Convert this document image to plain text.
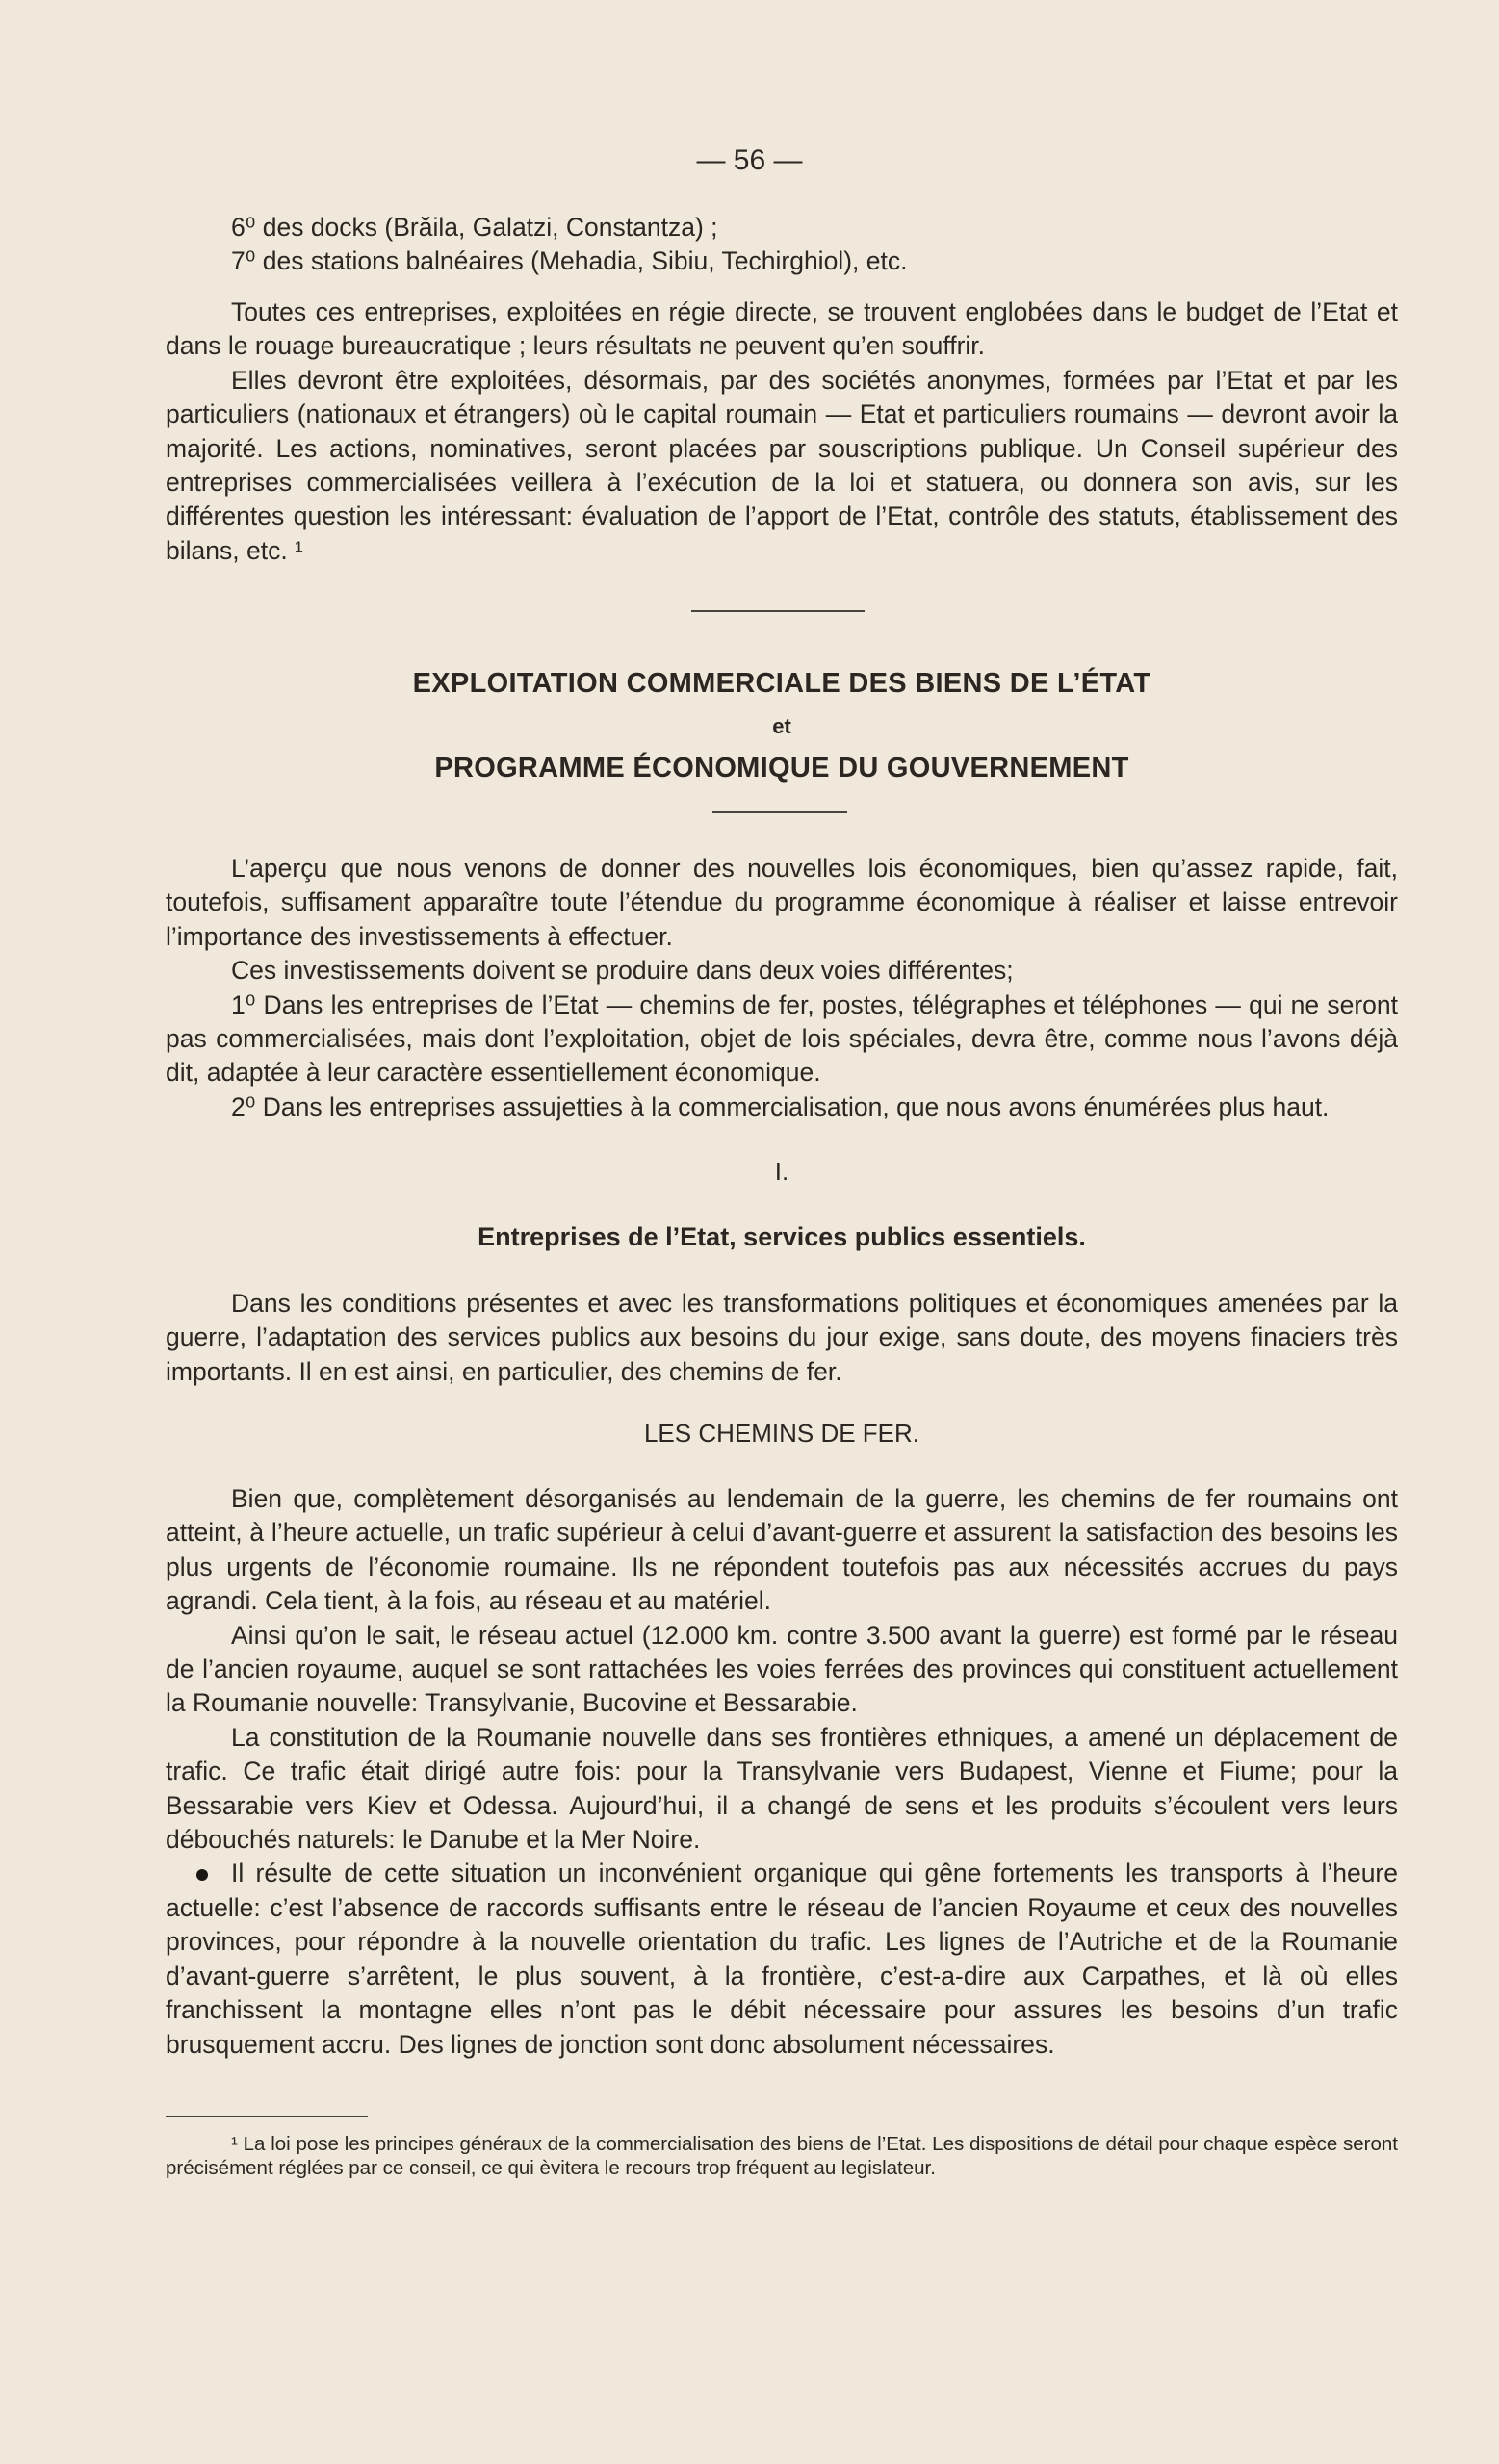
— 56 —

6⁰ des docks (Brăila, Galatzi, Constantza) ;

7⁰ des stations balnéaires (Mehadia, Sibiu, Techirghiol), etc.

Toutes ces entreprises, exploitées en régie directe, se trouvent englobées dans le budget de l’Etat et dans le rouage bureaucratique ; leurs résultats ne peuvent qu’en souffrir.

Elles devront être exploitées, désormais, par des sociétés anonymes, formées par l’Etat et par les particuliers (nationaux et étrangers) où le capital roumain — Etat et particuliers roumains — devront avoir la majorité. Les actions, nominatives, seront placées par souscriptions publique. Un Conseil supérieur des entreprises commercialisées veillera à l’exécution de la loi et statuera, ou donnera son avis, sur les différentes question les intéressant: évaluation de l’apport de l’Etat, contrôle des statuts, établissement des bilans, etc. ¹

EXPLOITATION COMMERCIALE DES BIENS DE L’ÉTAT
et
PROGRAMME ÉCONOMIQUE DU GOUVERNEMENT

L’aperçu que nous venons de donner des nouvelles lois économiques, bien qu’assez rapide, fait, toutefois, suffisament apparaître toute l’étendue du programme économique à réaliser et laisse entrevoir l’importance des investissements à effectuer.

Ces investissements doivent se produire dans deux voies différentes;

1⁰ Dans les entreprises de l’Etat — chemins de fer, postes, télégraphes et téléphones — qui ne seront pas commercialisées, mais dont l’exploitation, objet de lois spéciales, devra être, comme nous l’avons déjà dit, adaptée à leur caractère essentiellement économique.

2⁰ Dans les entreprises assujetties à la commercialisation, que nous avons énumérées plus haut.

I.
Entreprises de l’Etat, services publics essentiels.

Dans les conditions présentes et avec les transformations politiques et économiques amenées par la guerre, l’adaptation des services publics aux besoins du jour exige, sans doute, des moyens finaciers très importants. Il en est ainsi, en particulier, des chemins de fer.

LES CHEMINS DE FER.

Bien que, complètement désorganisés au lendemain de la guerre, les chemins de fer roumains ont atteint, à l’heure actuelle, un trafic supérieur à celui d’avant-guerre et assurent la satisfaction des besoins les plus urgents de l’économie roumaine. Ils ne répondent toutefois pas aux nécessités accrues du pays agrandi. Cela tient, à la fois, au réseau et au matériel.

Ainsi qu’on le sait, le réseau actuel (12.000 km. contre 3.500 avant la guerre) est formé par le réseau de l’ancien royaume, auquel se sont rattachées les voies ferrées des provinces qui constituent actuellement la Roumanie nouvelle: Transylvanie, Bucovine et Bessarabie.

La constitution de la Roumanie nouvelle dans ses frontières ethniques, a amené un déplacement de trafic. Ce trafic était dirigé autre fois: pour la Transylvanie vers Budapest, Vienne et Fiume; pour la Bessarabie vers Kiev et Odessa. Aujourd’hui, il a changé de sens et les produits s’écoulent vers leurs débouchés naturels: le Danube et la Mer Noire.

Il résulte de cette situation un inconvénient organique qui gêne fortements les transports à l’heure actuelle: c’est l’absence de raccords suffisants entre le réseau de l’ancien Royaume et ceux des nouvelles provinces, pour répondre à la nouvelle orientation du trafic. Les lignes de l’Autriche et de la Roumanie d’avant-guerre s’arrêtent, le plus souvent, à la frontière, c’est-a-dire aux Carpathes, et là où elles franchissent la montagne elles n’ont pas le débit nécessaire pour assures les besoins d’un trafic brusquement accru. Des lignes de jonction sont donc absolument nécessaires.

¹ La loi pose les principes généraux de la commercialisation des biens de l’Etat. Les dispositions de détail pour chaque espèce seront précisément réglées par ce conseil, ce qui èvitera le recours trop fréquent au legislateur.
